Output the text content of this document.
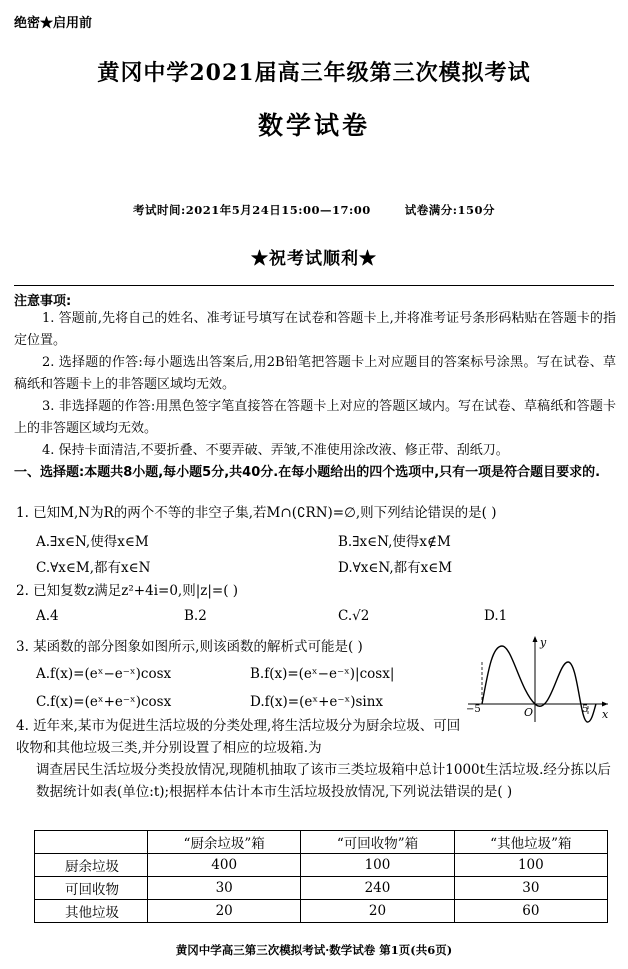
绝密★启用前
黄冈中学2021届高三年级第三次模拟考试
数学试卷
考试时间:2021年5月24日15:00—17:00	试卷满分:150分
★祝考试顺利★
注意事项:
1. 答题前,先将自己的姓名、准考证号填写在试卷和答题卡上,并将准考证号条形码粘贴在答题卡的指定位置。
2. 选择题的作答:每小题选出答案后,用2B铅笔把答题卡上对应题目的答案标号涂黑。写在试卷、草稿纸和答题卡上的非答题区域均无效。
3. 非选择题的作答:用黑色签字笔直接答在答题卡上对应的答题区域内。写在试卷、草稿纸和答题卡上的非答题区域均无效。
4. 保持卡面清洁,不要折叠、不要弄破、弄皱,不准使用涂改液、修正带、刮纸刀。
一、选择题:本题共8小题,每小题5分,共40分.在每小题给出的四个选项中,只有一项是符合题目要求的.
1. 已知M,N为R的两个不等的非空子集,若M∩(∁RN)=∅,则下列结论错误的是( )
A.∃x∈N,使得x∈M	B.∃x∈N,使得x∉M
C.∀x∈M,都有x∈N	D.∀x∈N,都有x∈M
2. 已知复数z满足z²+4i=0,则|z|=( )
A.4	B.2	C.√2	D.1
3. 某函数的部分图象如图所示,则该函数的解析式可能是( )
A.f(x)=(eˣ−e⁻ˣ)cosx	B.f(x)=(eˣ−e⁻ˣ)|cosx|
C.f(x)=(eˣ+e⁻ˣ)cosx	D.f(x)=(eˣ+e⁻ˣ)sinx
y
x
O
−5	5
4. 近年来,某市为促进生活垃圾的分类处理,将生活垃圾分为厨余垃圾、可回收物和其他垃圾三类,并分别设置了相应的垃圾箱.为
调查居民生活垃圾分类投放情况,现随机抽取了该市三类垃圾箱中总计1000t生活垃圾.经分拣以后数据统计如表(单位:t);根据样本估计本市生活垃圾投放情况,下列说法错误的是( )
	“厨余垃圾”箱	“可回收物”箱	“其他垃圾”箱
厨余垃圾	400	100	100
可回收物	30	240	30
其他垃圾	20	20	60
黄冈中学高三第三次模拟考试·数学试卷 第1页(共6页)
